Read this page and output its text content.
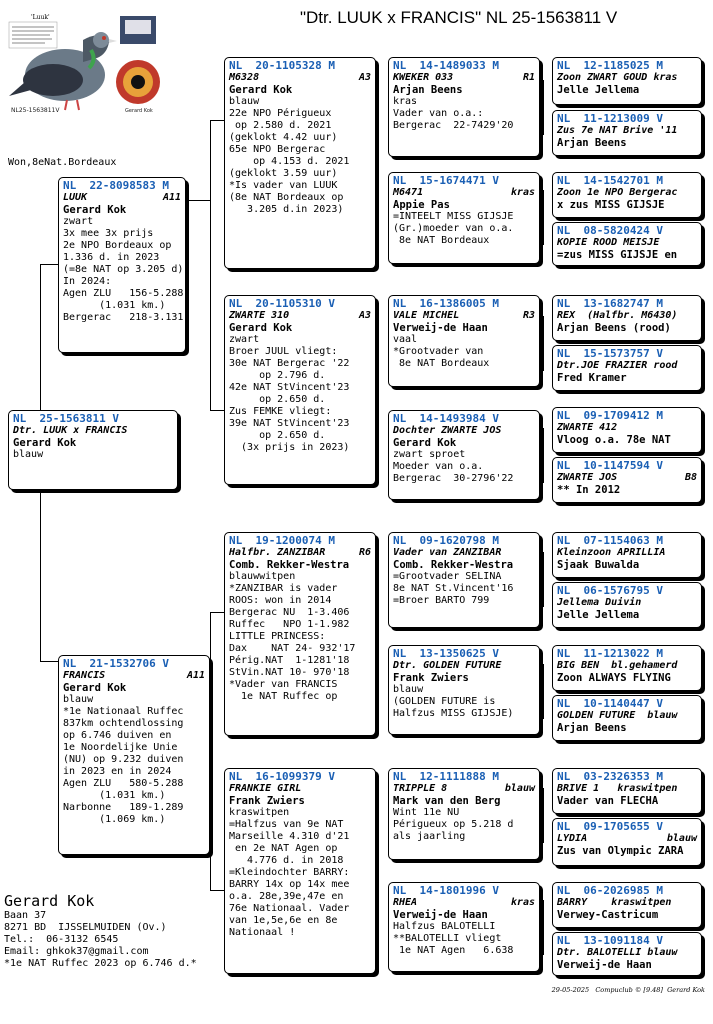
"Dtr. LUUK x FRANCIS" NL 25-1563811 V
'Luuk'
NL25-1563811V	Gerard Kok
Won,8eNat.Bordeaux
NL  25-1563811 V
Dtr. LUUK x FRANCIS
Gerard Kok
blauw
NL  22-8098583 M
LUUK	A11
Gerard Kok
zwart
3x mee 3x prijs
2e NPO Bordeaux op
1.336 d. in 2023
(=8e NAT op 3.205 d)
In 2024:
Agen ZLU   156-5.288
(1.031 km.)
Bergerac   218-3.131
NL  21-1532706 V
FRANCIS	A11
Gerard Kok
blauw
*1e Nationaal Ruffec
837km ochtendlossing
op 6.746 duiven en
1e Noordelijke Unie
(NU) op 9.232 duiven
in 2023 en in 2024
Agen ZLU   580-5.288
(1.031 km.)
Narbonne   189-1.289
(1.069 km.)
NL  20-1105328 M
M6328	A3
Gerard Kok
blauw
22e NPO Périgueux
op 2.580 d. 2021
(geklokt 4.42 uur)
65e NPO Bergerac
op 4.153 d. 2021
(geklokt 3.59 uur)
*Is vader van LUUK
(8e NAT Bordeaux op
3.205 d.in 2023)
NL  20-1105310 V
ZWARTE 310	A3
Gerard Kok
zwart
Broer JUUL vliegt:
30e NAT Bergerac '22
op 2.796 d.
42e NAT StVincent'23
op 2.650 d.
Zus FEMKE vliegt:
39e NAT StVincent'23
op 2.650 d.
(3x prijs in 2023)
NL  19-1200074 M
Halfbr. ZANZIBAR	R6
Comb. Rekker-Westra
blauwwitpen
*ZANZIBAR is vader
ROOS: won in 2014
Bergerac NU  1-3.406
Ruffec   NPO 1-1.982
LITTLE PRINCESS:
Dax    NAT 24- 932'17
Périg.NAT  1-1281'18
StVin.NAT 10- 970'18
*Vader van FRANCIS
1e NAT Ruffec op
NL  16-1099379 V
FRANKIE GIRL
Frank Zwiers
kraswitpen
=Halfzus van 9e NAT
Marseille 4.310 d'21
en 2e NAT Agen op
4.776 d. in 2018
=Kleindochter BARRY:
BARRY 14x op 14x mee
o.a. 28e,39e,47e en
76e Nationaal. Vader
van 1e,5e,6e en 8e
Nationaal !
NL  14-1489033 M
KWEKER 033	R1
Arjan Beens
kras
Vader van o.a.:
Bergerac  22-7429'20
NL  15-1674471 V
M6471	kras
Appie Pas
=INTEELT MISS GIJSJE
(Gr.)moeder van o.a.
8e NAT Bordeaux
NL  16-1386005 M
VALE MICHEL	R3
Verweij-de Haan
vaal
*Grootvader van
8e NAT Bordeaux
NL  14-1493984 V
Dochter ZWARTE JOS
Gerard Kok
zwart sproet
Moeder van o.a.
Bergerac  30-2796'22
NL  09-1620798 M
Vader van ZANZIBAR
Comb. Rekker-Westra
=Grootvader SELINA
8e NAT St.Vincent'16
=Broer BARTO 799
NL  13-1350625 V
Dtr. GOLDEN FUTURE
Frank Zwiers
blauw
(GOLDEN FUTURE is
Halfzus MISS GIJSJE)
NL  12-1111888 M
TRIPPLE 8	blauw
Mark van den Berg
Wint 11e NU
Périgueux op 5.218 d
als jaarling
NL  14-1801996 V
RHEA	kras
Verweij-de Haan
Halfzus BALOTELLI
**BALOTELLI vliegt
1e NAT Agen   6.638
NL  12-1185025 M
Zoon ZWART GOUD kras
Jelle Jellema
NL  11-1213009 V
Zus 7e NAT Brive '11
Arjan Beens
NL  14-1542701 M
Zoon 1e NPO Bergerac
x zus MISS GIJSJE
NL  08-5820424 V
KOPIE ROOD MEISJE
=zus MISS GIJSJE en
NL  13-1682747 M
REX  (Halfbr. M6430)
Arjan Beens (rood)
NL  15-1573757 V
Dtr.JOE FRAZIER rood
Fred Kramer
NL  09-1709412 M
ZWARTE 412
Vloog o.a. 78e NAT
NL  10-1147594 V
ZWARTE JOS	B8
** In 2012
NL  07-1154063 M
Kleinzoon APRILLIA
Sjaak Buwalda
NL  06-1576795 V
Jellema Duivin
Jelle Jellema
NL  11-1213022 M
BIG BEN  bl.gehamerd
Zoon ALWAYS FLYING
NL  10-1140447 V
GOLDEN FUTURE  blauw
Arjan Beens
NL  03-2326353 M
BRIVE 1   kraswitpen
Vader van FLECHA
NL  09-1705655 V
LYDIA	blauw
Zus van Olympic ZARA
NL  06-2026985 M
BARRY    kraswitpen
Verwey-Castricum
NL  13-1091184 V
Dtr. BALOTELLI blauw
Verweij-de Haan
Gerard Kok
Baan 37
8271 BD  IJSSELMUIDEN (Ov.)
Tel.:  06-3132 6545
Email: ghkok37@gmail.com
*1e NAT Ruffec 2023 op 6.746 d.*
29-05-2025   Compuclub © [9.48]  Gerard Kok
